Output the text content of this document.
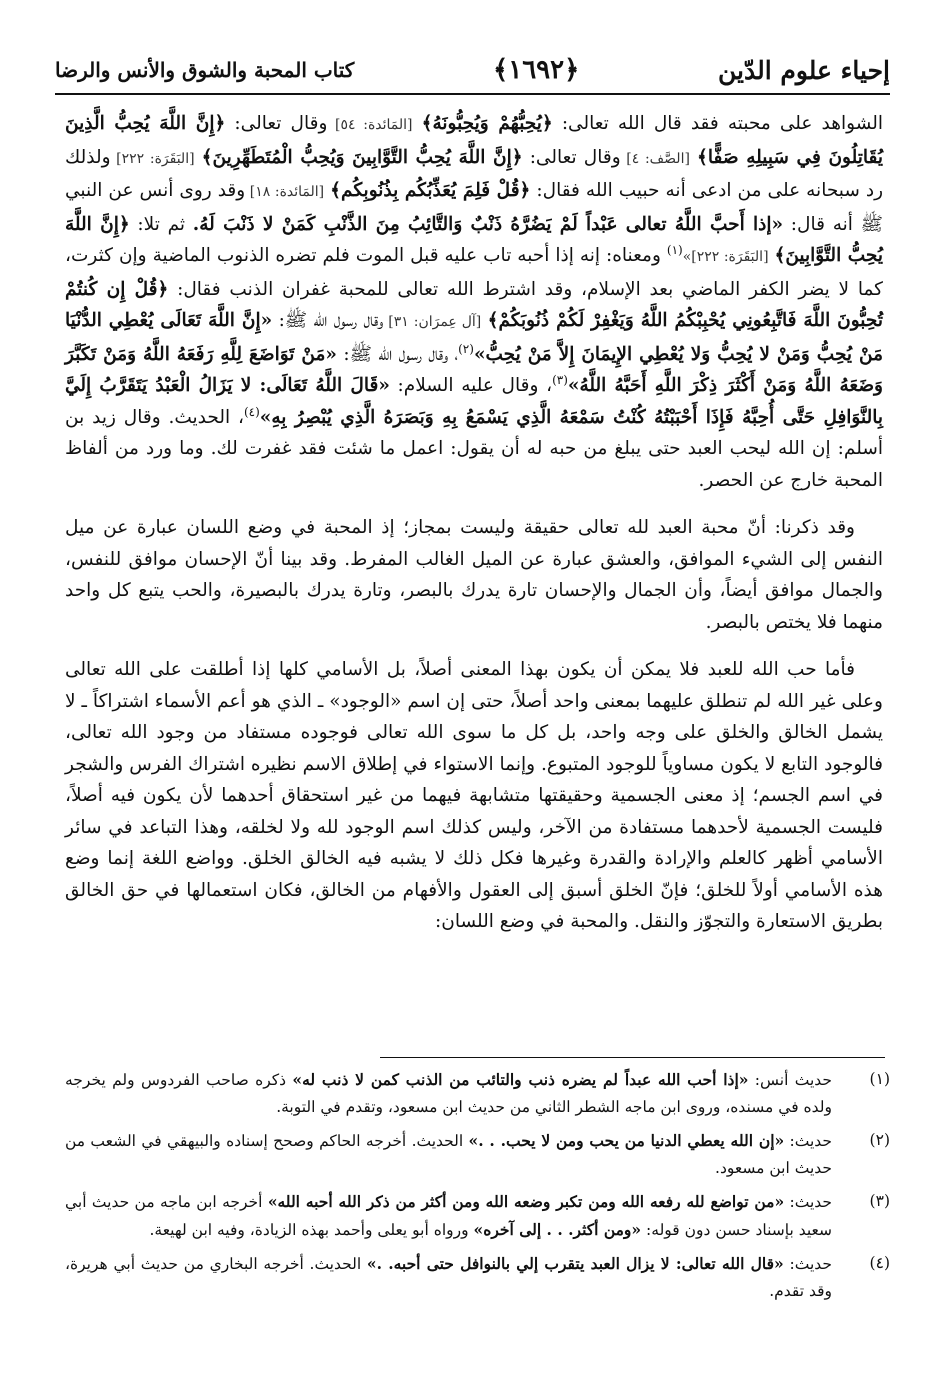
إحياء علوم الدّين
﴿١٦٩٢﴾
كتاب المحبة والشوق والأنس والرضا

الشواهد على محبته فقد قال الله تعالى: ﴿يُحِبُّهُمْ وَيُحِبُّونَهُ﴾ [المَائدة: ٥٤] وقال تعالى: ﴿إِنَّ اللَّهَ يُحِبُّ الَّذِينَ يُقَاتِلُونَ فِي سَبِيلِهِ صَفًّا﴾ [الصَّف: ٤] وقال تعالى: ﴿إِنَّ اللَّهَ يُحِبُّ التَّوَّابِينَ وَيُحِبُّ الْمُتَطَهِّرِينَ﴾ [البَقَرَة: ٢٢٢] ولذلك رد سبحانه على من ادعى أنه حبيب الله فقال: ﴿قُلْ فَلِمَ يُعَذِّبُكُم بِذُنُوبِكُم﴾ [المَائدة: ١٨] وقد روى أنس عن النبي ﷺ أنه قال: «إذا أَحبَّ اللَّهُ تعالى عَبْداً لَمْ يَضُرَّهُ ذَنْبٌ وَالتَّائِبُ مِنَ الذَّنْبِ كَمَنْ لا ذَنْبَ لَهُ. ثم تلا: ﴿إِنَّ اللَّهَ يُحِبُّ التَّوَّابِينَ﴾ [البَقَرَة: ٢٢٢]»$^{(١)}$ ومعناه: إنه إذا أحبه تاب عليه قبل الموت فلم تضره الذنوب الماضية وإن كثرت، كما لا يضر الكفر الماضي بعد الإسلام، وقد اشترط الله تعالى للمحبة غفران الذنب فقال: ﴿قُلْ إِن كُنتُمْ تُحِبُّونَ اللَّهَ فَاتَّبِعُونِي يُحْبِبْكُمُ اللَّهُ وَيَغْفِرْ لَكُمْ ذُنُوبَكُمْ﴾ [آل عِمرَان: ٣١] وقال رسول الله ﷺ: «إِنَّ اللَّهَ تَعَالَى يُعْطِي الدُّنْيَا مَنْ يُحِبُّ وَمَنْ لا يُحِبُّ وَلا يُعْطِي الإِيمَانَ إِلاَّ مَنْ يُحِبُّ»$^{(٢)}$، وقال رسول الله ﷺ: «مَنْ تَوَاضَعَ لِلَّهِ رَفَعَهُ اللَّهُ وَمَنْ تَكَبَّرَ وَضَعَهُ اللَّهُ وَمَنْ أَكْثَرَ ذِكْرَ اللَّهِ أَحَبَّهُ اللَّهُ»$^{(٣)}$، وقال عليه السلام: «قَالَ اللَّهُ تَعَالَى: لا يَزَالُ الْعَبْدُ يَتَقَرَّبُ إِلَيَّ بِالنَّوَافِلِ حَتَّى أُحِبَّهُ فَإِذَا أَحْبَبْتُهُ كُنْتُ سَمْعَهُ الَّذِي يَسْمَعُ بِهِ وَبَصَرَهُ الَّذِي يُبْصِرُ بِهِ»$^{(٤)}$، الحديث. وقال زيد بن أسلم: إن الله ليحب العبد حتى يبلغ من حبه له أن يقول: اعمل ما شئت فقد غفرت لك. وما ورد من ألفاظ المحبة خارج عن الحصر.

وقد ذكرنا: أنّ محبة العبد لله تعالى حقيقة وليست بمجاز؛ إذ المحبة في وضع اللسان عبارة عن ميل النفس إلى الشيء الموافق، والعشق عبارة عن الميل الغالب المفرط. وقد بينا أنّ الإحسان موافق للنفس، والجمال موافق أيضاً، وأن الجمال والإحسان تارة يدرك بالبصر، وتارة يدرك بالبصيرة، والحب يتبع كل واحد منهما فلا يختص بالبصر.

فأما حب الله للعبد فلا يمكن أن يكون بهذا المعنى أصلاً، بل الأسامي كلها إذا أطلقت على الله تعالى وعلى غير الله لم تنطلق عليهما بمعنى واحد أصلاً، حتى إن اسم «الوجود» ـ الذي هو أعم الأسماء اشتراكاً ـ لا يشمل الخالق والخلق على وجه واحد، بل كل ما سوى الله تعالى فوجوده مستفاد من وجود الله تعالى، فالوجود التابع لا يكون مساوياً للوجود المتبوع. وإنما الاستواء في إطلاق الاسم نظيره اشتراك الفرس والشجر في اسم الجسم؛ إذ معنى الجسمية وحقيقتها متشابهة فيهما من غير استحقاق أحدهما لأن يكون فيه أصلاً، فليست الجسمية لأحدهما مستفادة من الآخر، وليس كذلك اسم الوجود لله ولا لخلقه، وهذا التباعد في سائر الأسامي أظهر كالعلم والإرادة والقدرة وغيرها فكل ذلك لا يشبه فيه الخالق الخلق. وواضع اللغة إنما وضع هذه الأسامي أولاً للخلق؛ فإنّ الخلق أسبق إلى العقول والأفهام من الخالق، فكان استعمالها في حق الخالق بطريق الاستعارة والتجوّز والنقل. والمحبة في وضع اللسان:

(١)
حديث أنس: «إذا أحب الله عبداً لم يضره ذنب والتائب من الذنب كمن لا ذنب له» ذكره صاحب الفردوس ولم يخرجه ولده في مسنده، وروى ابن ماجه الشطر الثاني من حديث ابن مسعود، وتقدم في التوبة.
(٢)
حديث: «إن الله يعطي الدنيا من يحب ومن لا يحب. . .» الحديث. أخرجه الحاكم وصحح إسناده والبيهقي في الشعب من حديث ابن مسعود.
(٣)
حديث: «من تواضع لله رفعه الله ومن تكبر وضعه الله ومن أكثر من ذكر الله أحبه الله» أخرجه ابن ماجه من حديث أبي سعيد بإسناد حسن دون قوله: «ومن أكثر. . . إلى آخره» ورواه أبو يعلى وأحمد بهذه الزيادة، وفيه ابن لهيعة.
(٤)
حديث: «قال الله تعالى: لا يزال العبد يتقرب إلي بالنوافل حتى أحبه. .» الحديث. أخرجه البخاري من حديث أبي هريرة، وقد تقدم.
